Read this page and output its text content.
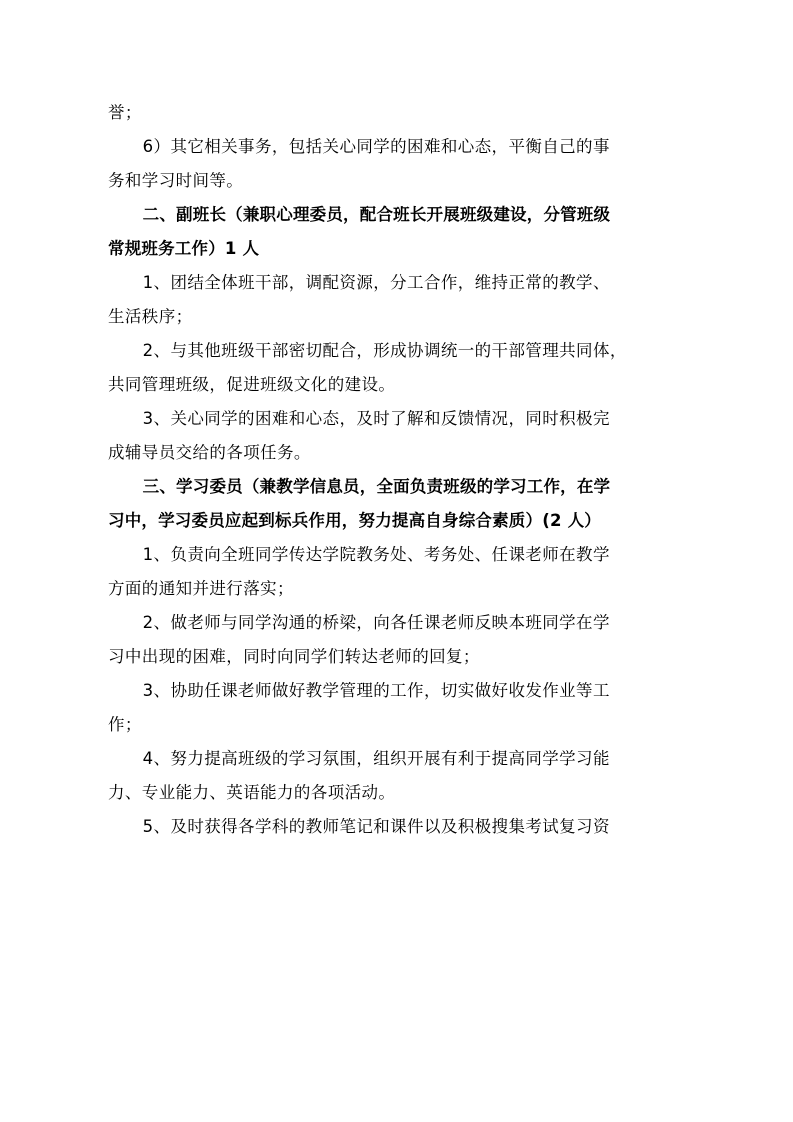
誉；

6）其它相关事务，包括关心同学的困难和心态，平衡自己的事

务和学习时间等。

二、副班长（兼职心理委员，配合班长开展班级建设，分管班级

常规班务工作）1 人

1、团结全体班干部，调配资源，分工合作，维持正常的教学、

生活秩序；

2、与其他班级干部密切配合，形成协调统一的干部管理共同体，

共同管理班级，促进班级文化的建设。

3、关心同学的困难和心态，及时了解和反馈情况，同时积极完

成辅导员交给的各项任务。

三、学习委员（兼教学信息员，全面负责班级的学习工作，在学

习中，学习委员应起到标兵作用，努力提高自身综合素质）(2 人）

1、负责向全班同学传达学院教务处、考务处、任课老师在教学

方面的通知并进行落实；

2、做老师与同学沟通的桥梁，向各任课老师反映本班同学在学

习中出现的困难，同时向同学们转达老师的回复；

3、协助任课老师做好教学管理的工作，切实做好收发作业等工

作；

4、努力提高班级的学习氛围，组织开展有利于提高同学学习能

力、专业能力、英语能力的各项活动。

5、及时获得各学科的教师笔记和课件以及积极搜集考试复习资
